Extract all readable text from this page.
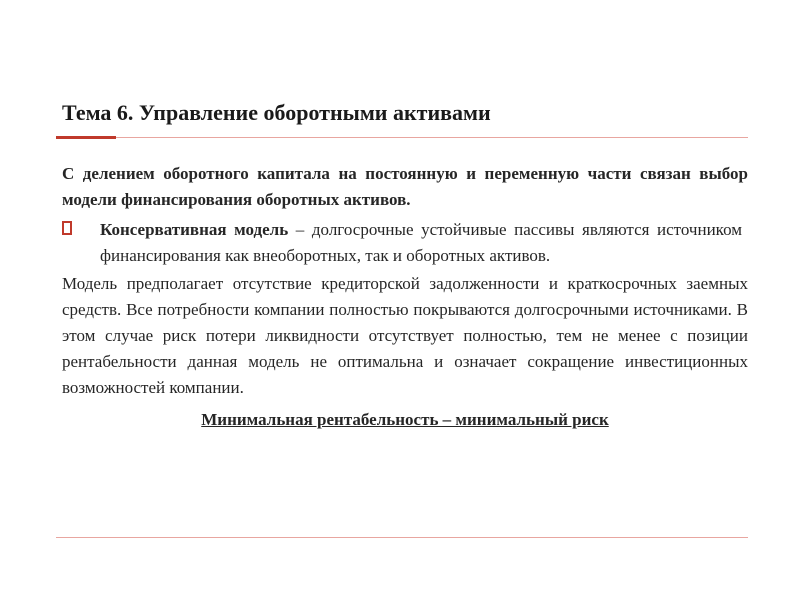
Тема 6. Управление оборотными активами

С делением оборотного капитала на постоянную и переменную части связан выбор модели финансирования оборотных активов.

Консервативная модель – долгосрочные устойчивые пассивы являются источником финансирования как внеоборотных, так и оборотных активов.

Модель предполагает отсутствие кредиторской задолженности и краткосрочных заемных средств. Все потребности компании полностью покрываются долгосрочными источниками. В этом случае риск потери ликвидности отсутствует полностью, тем не менее с позиции рентабельности данная модель не оптимальна и означает сокращение инвестиционных возможностей компании.

Минимальная рентабельность – минимальный риск
